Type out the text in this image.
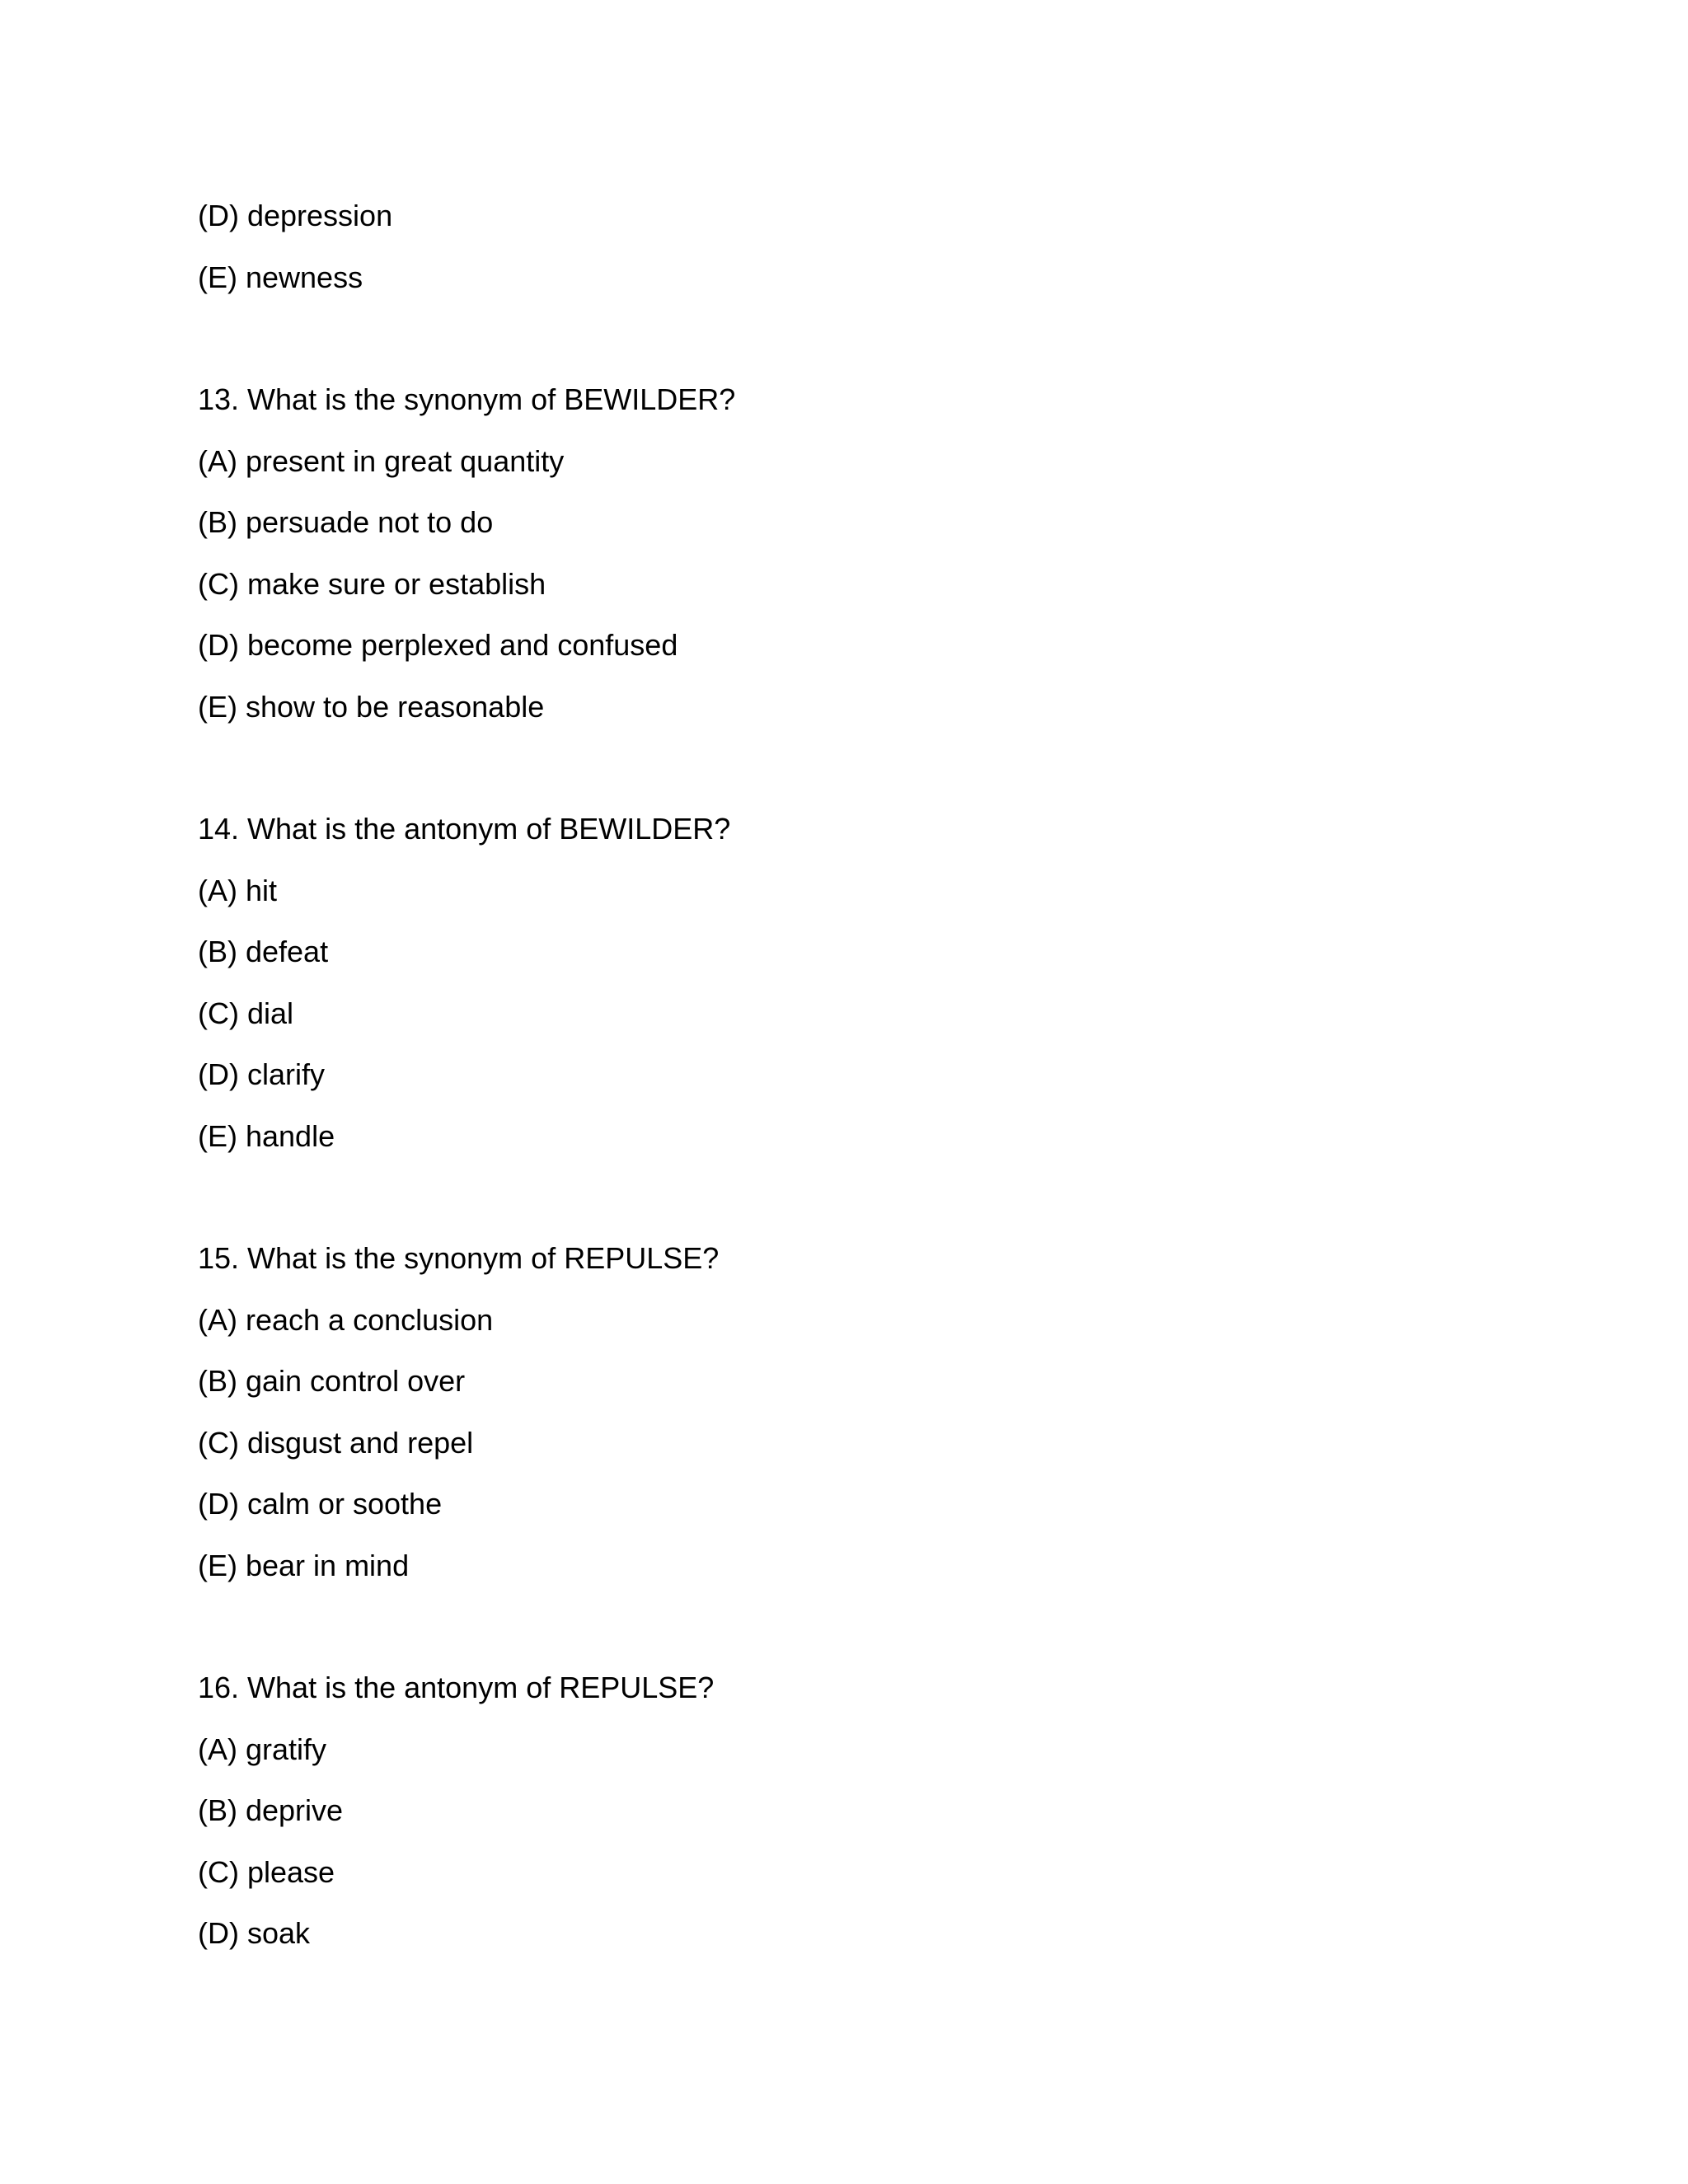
(D) depression
(E) newness
13. What is the synonym of BEWILDER?
(A) present in great quantity
(B) persuade not to do
(C) make sure or establish
(D) become perplexed and confused
(E) show to be reasonable
14. What is the antonym of BEWILDER?
(A) hit
(B) defeat
(C) dial
(D) clarify
(E) handle
15. What is the synonym of REPULSE?
(A) reach a conclusion
(B) gain control over
(C) disgust and repel
(D) calm or soothe
(E) bear in mind
16. What is the antonym of REPULSE?
(A) gratify
(B) deprive
(C) please
(D) soak
